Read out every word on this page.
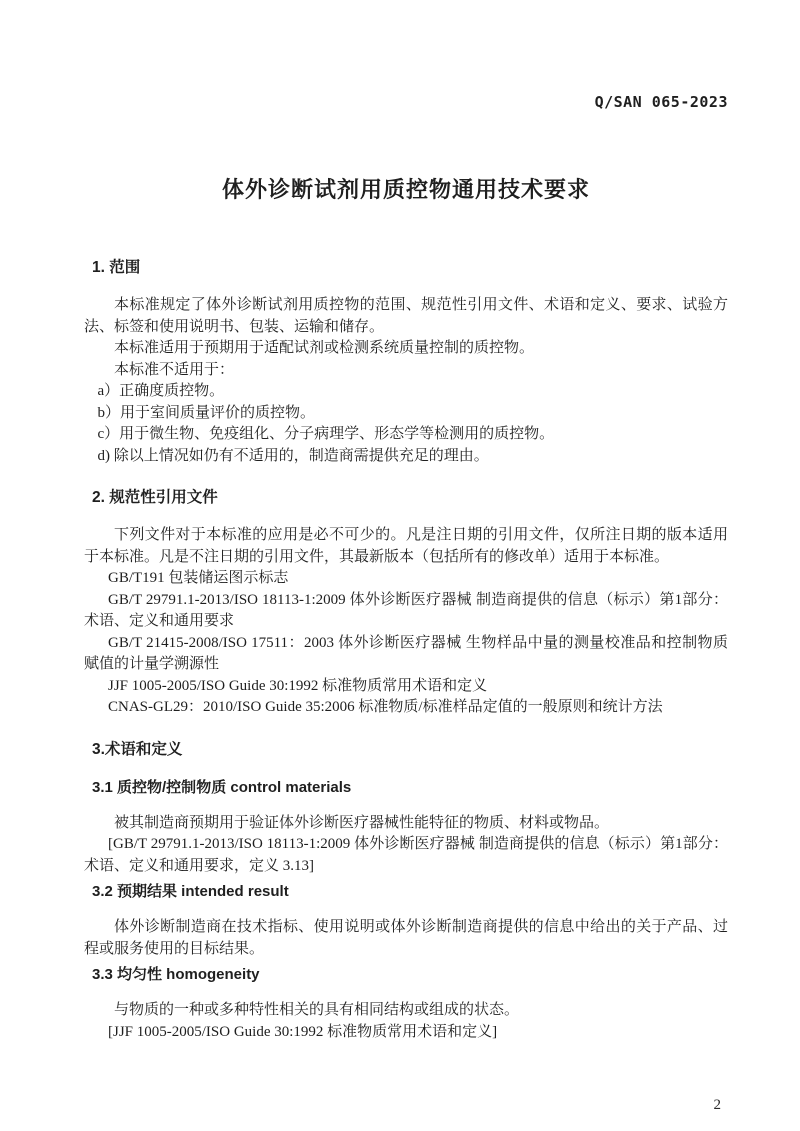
Q/SAN 065-2023
体外诊断试剂用质控物通用技术要求
1. 范围

本标准规定了体外诊断试剂用质控物的范围、规范性引用文件、术语和定义、要求、试验方法、标签和使用说明书、包装、运输和储存。

本标准适用于预期用于适配试剂或检测系统质量控制的质控物。

本标准不适用于：

a）正确度质控物。

b）用于室间质量评价的质控物。

c）用于微生物、免疫组化、分子病理学、形态学等检测用的质控物。

d) 除以上情况如仍有不适用的，制造商需提供充足的理由。

2. 规范性引用文件

下列文件对于本标准的应用是必不可少的。凡是注日期的引用文件，仅所注日期的版本适用于本标准。凡是不注日期的引用文件，其最新版本（包括所有的修改单）适用于本标准。

GB/T191 包装储运图示标志

GB/T 29791.1-2013/ISO 18113-1:2009 体外诊断医疗器械 制造商提供的信息（标示）第1部分：术语、定义和通用要求

GB/T 21415-2008/ISO 17511：2003 体外诊断医疗器械 生物样品中量的测量校准品和控制物质赋值的计量学溯源性

JJF 1005-2005/ISO Guide 30:1992 标准物质常用术语和定义

CNAS-GL29：2010/ISO Guide 35:2006 标准物质/标准样品定值的一般原则和统计方法

3.术语和定义
3.1 质控物/控制物质 control materials

被其制造商预期用于验证体外诊断医疗器械性能特征的物质、材料或物品。

[GB/T 29791.1-2013/ISO 18113-1:2009 体外诊断医疗器械 制造商提供的信息（标示）第1部分：术语、定义和通用要求，定义 3.13]

3.2 预期结果 intended result

体外诊断制造商在技术指标、使用说明或体外诊断制造商提供的信息中给出的关于产品、过程或服务使用的目标结果。

3.3 均匀性 homogeneity

与物质的一种或多种特性相关的具有相同结构或组成的状态。

[JJF 1005-2005/ISO Guide 30:1992 标准物质常用术语和定义]

2
